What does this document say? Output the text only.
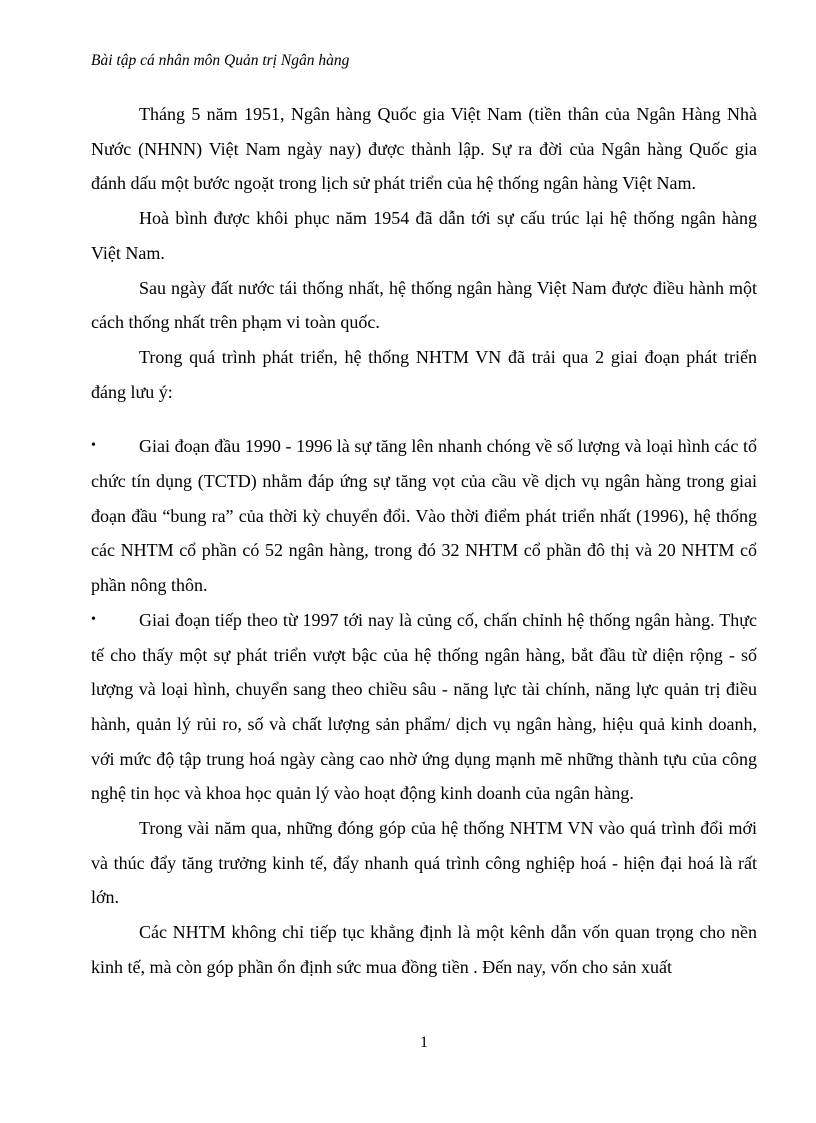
Bài tập cá nhân môn Quản trị Ngân hàng

Tháng 5 năm 1951, Ngân hàng Quốc gia Việt Nam (tiền thân của Ngân Hàng Nhà Nước (NHNN) Việt Nam ngày nay) được thành lập. Sự ra đời của Ngân hàng Quốc gia đánh dấu một bước ngoặt trong lịch sử phát triển của hệ thống ngân hàng Việt Nam.

Hoà bình được khôi phục năm 1954 đã dẫn tới sự cấu trúc lại hệ thống ngân hàng Việt Nam.

Sau ngày đất nước tái thống nhất, hệ thống ngân hàng Việt Nam được điều hành một cách thống nhất trên phạm vi toàn quốc.

Trong quá trình phát triển, hệ thống NHTM VN đã trải qua 2 giai đoạn phát triển đáng lưu ý:

• Giai đoạn đầu 1990 - 1996 là sự tăng lên nhanh chóng về số lượng và loại hình các tổ chức tín dụng (TCTD) nhằm đáp ứng sự tăng vọt của cầu về dịch vụ ngân hàng trong giai đoạn đầu “bung ra” của thời kỳ chuyển đổi. Vào thời điểm phát triển nhất (1996), hệ thống các NHTM cổ phần có 52 ngân hàng, trong đó 32 NHTM cổ phần đô thị và 20 NHTM cổ phần nông thôn.
• Giai đoạn tiếp theo từ 1997 tới nay là củng cố, chấn chỉnh hệ thống ngân hàng. Thực tế cho thấy một sự phát triển vượt bậc của hệ thống ngân hàng, bắt đầu từ diện rộng - số lượng và loại hình, chuyển sang theo chiều sâu - năng lực tài chính, năng lực quản trị điều hành, quản lý rủi ro, số và chất lượng sản phẩm/ dịch vụ ngân hàng, hiệu quả kinh doanh, với mức độ tập trung hoá ngày càng cao nhờ ứng dụng mạnh mẽ những thành tựu của công nghệ tin học và khoa học quản lý vào hoạt động kinh doanh của ngân hàng.

Trong vài năm qua, những đóng góp của hệ thống NHTM VN vào quá trình đổi mới và thúc đẩy tăng trưởng kinh tế, đẩy nhanh quá trình công nghiệp hoá - hiện đại hoá là rất lớn.

Các NHTM không chỉ tiếp tục khẳng định là một kênh dẫn vốn quan trọng cho nền kinh tế, mà còn góp phần ổn định sức mua đồng tiền . Đến nay, vốn cho sản xuất

1
